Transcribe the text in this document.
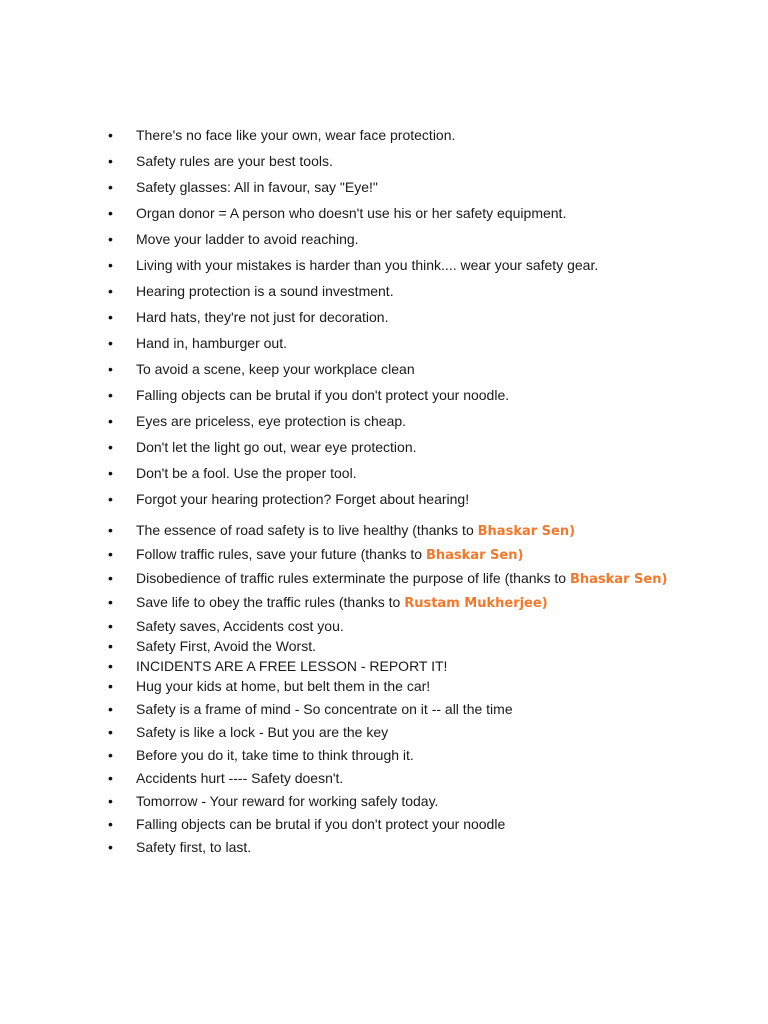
• There's no face like your own, wear face protection.
• Safety rules are your best tools.
• Safety glasses: All in favour, say "Eye!"
• Organ donor = A person who doesn't use his or her safety equipment.
• Move your ladder to avoid reaching.
• Living with your mistakes is harder than you think.... wear your safety gear.
• Hearing protection is a sound investment.
• Hard hats, they're not just for decoration.
• Hand in, hamburger out.
• To avoid a scene, keep your workplace clean
• Falling objects can be brutal if you don't protect your noodle.
• Eyes are priceless, eye protection is cheap.
• Don't let the light go out, wear eye protection.
• Don't be a fool. Use the proper tool.
• Forgot your hearing protection? Forget about hearing!
• The essence of road safety is to live healthy (thanks to Bhaskar Sen)
• Follow traffic rules, save your future (thanks to Bhaskar Sen)
• Disobedience of traffic rules exterminate the purpose of life (thanks to Bhaskar Sen)
• Save life to obey the traffic rules (thanks to Rustam Mukherjee)
• Safety saves, Accidents cost you.
• Safety First, Avoid the Worst.
• INCIDENTS ARE A FREE LESSON - REPORT IT!
• Hug your kids at home, but belt them in the car!
• Safety is a frame of mind - So concentrate on it -- all the time
• Safety is like a lock - But you are the key
• Before you do it, take time to think through it.
• Accidents hurt ---- Safety doesn't.
• Tomorrow - Your reward for working safely today.
• Falling objects can be brutal if you don't protect your noodle
• Safety first, to last.
